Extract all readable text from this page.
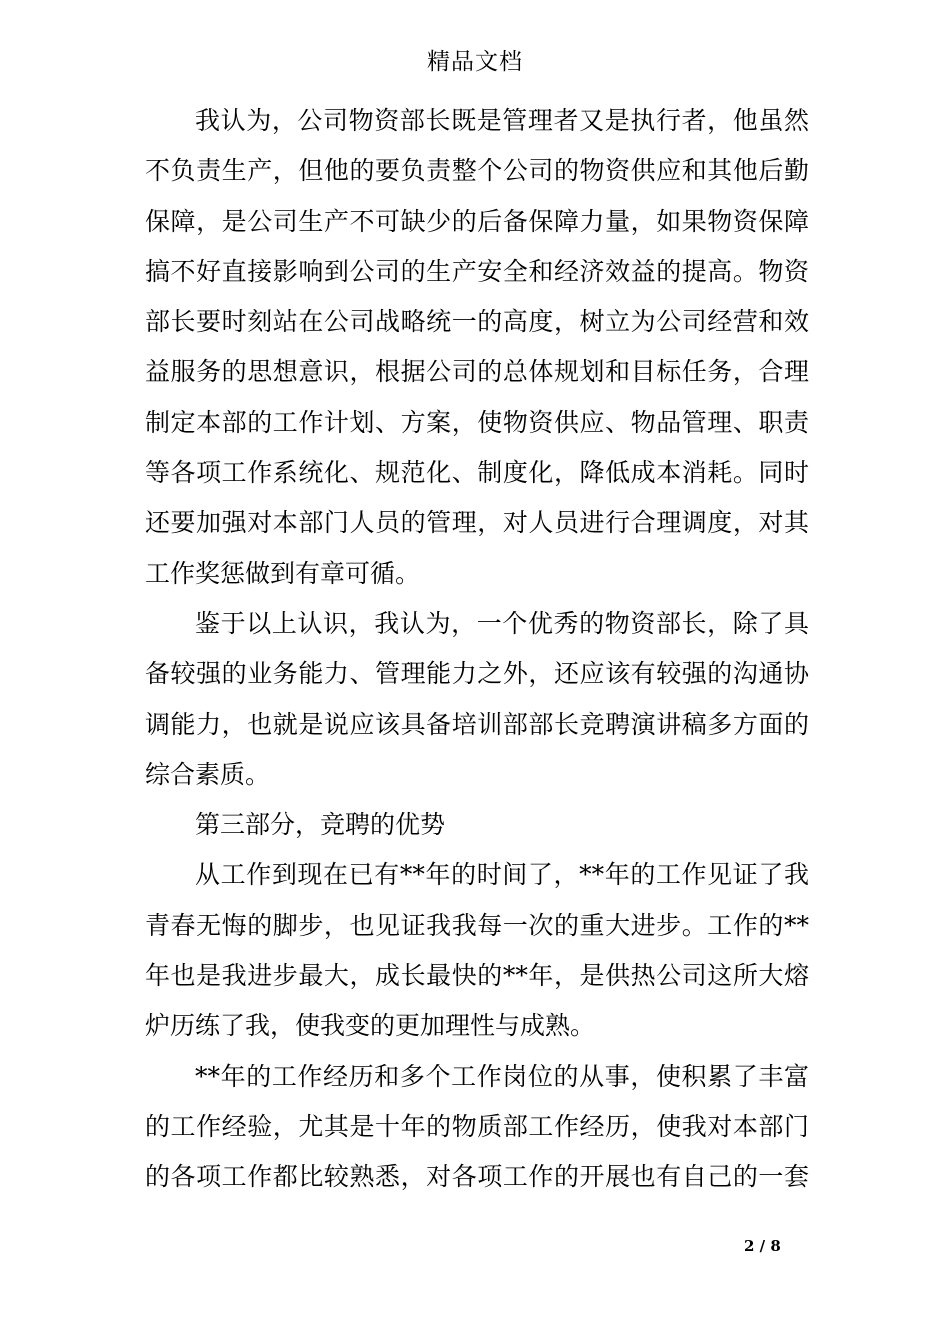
精品文档
我认为，公司物资部长既是管理者又是执行者，他虽然
不负责生产，但他的要负责整个公司的物资供应和其他后勤
保障，是公司生产不可缺少的后备保障力量，如果物资保障
搞不好直接影响到公司的生产安全和经济效益的提高。物资
部长要时刻站在公司战略统一的高度，树立为公司经营和效
益服务的思想意识，根据公司的总体规划和目标任务，合理
制定本部的工作计划、方案，使物资供应、物品管理、职责
等各项工作系统化、规范化、制度化，降低成本消耗。同时
还要加强对本部门人员的管理，对人员进行合理调度，对其
工作奖惩做到有章可循。
鉴于以上认识，我认为，一个优秀的物资部长，除了具
备较强的业务能力、管理能力之外，还应该有较强的沟通协
调能力，也就是说应该具备培训部部长竞聘演讲稿多方面的
综合素质。
第三部分，竞聘的优势
从工作到现在已有**年的时间了，**年的工作见证了我
青春无悔的脚步，也见证我我每一次的重大进步。工作的**
年也是我进步最大，成长最快的**年，是供热公司这所大熔
炉历练了我，使我变的更加理性与成熟。
**年的工作经历和多个工作岗位的从事，使积累了丰富
的工作经验，尤其是十年的物质部工作经历，使我对本部门
的各项工作都比较熟悉，对各项工作的开展也有自己的一套
2 / 8
